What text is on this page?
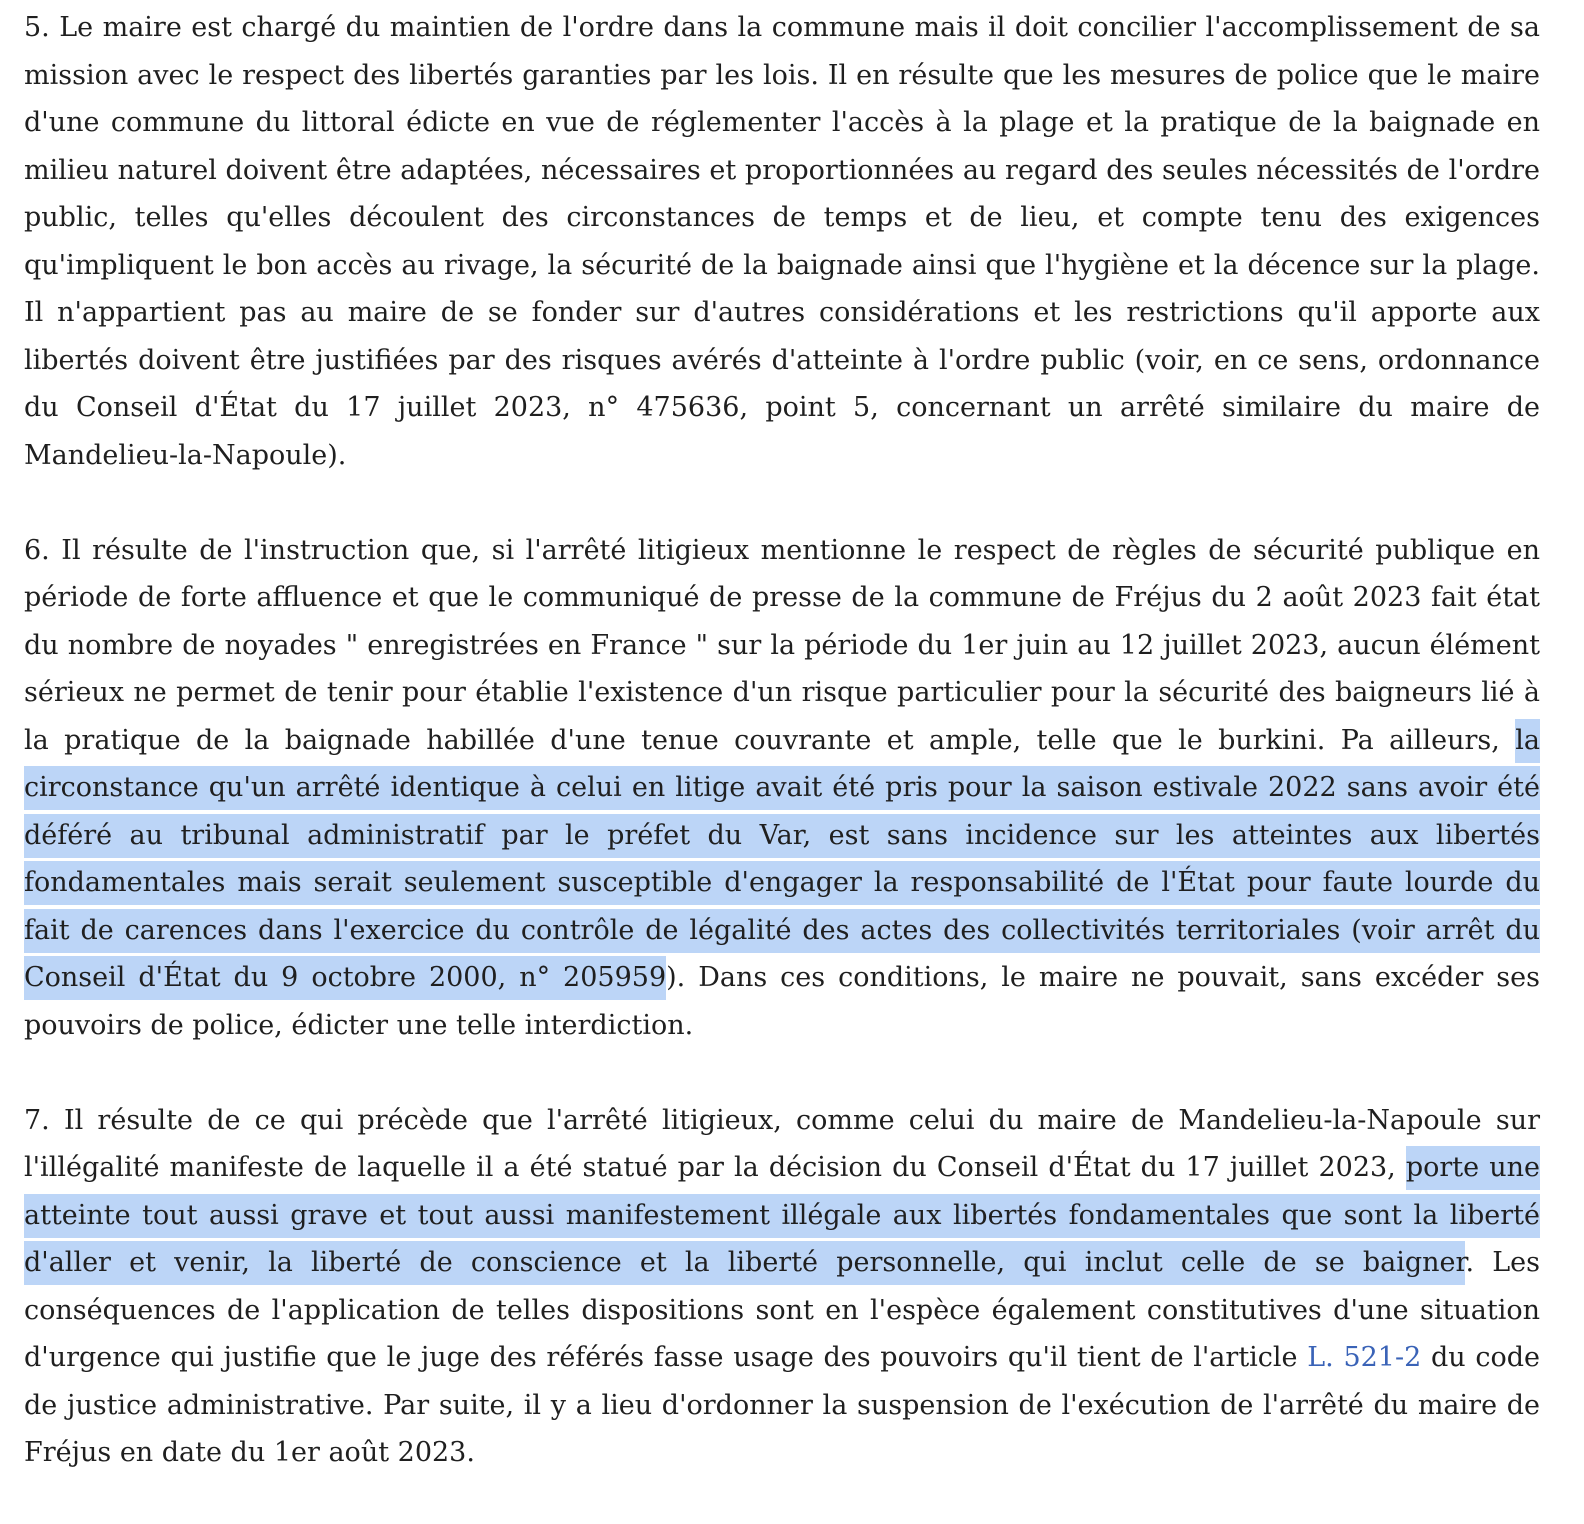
5. Le maire est chargé du maintien de l'ordre dans la commune mais il doit concilier l'accomplissement de sa mission avec le respect des libertés garanties par les lois. Il en résulte que les mesures de police que le maire d'une commune du littoral édicte en vue de réglementer l'accès à la plage et la pratique de la baignade en milieu naturel doivent être adaptées, nécessaires et proportionnées au regard des seules nécessités de l'ordre public, telles qu'elles découlent des circonstances de temps et de lieu, et compte tenu des exigences qu'impliquent le bon accès au rivage, la sécurité de la baignade ainsi que l'hygiène et la décence sur la plage. Il n'appartient pas au maire de se fonder sur d'autres considérations et les restrictions qu'il apporte aux libertés doivent être justifiées par des risques avérés d'atteinte à l'ordre public (voir, en ce sens, ordonnance du Conseil d'État du 17 juillet 2023, n° 475636, point 5, concernant un arrêté similaire du maire de Mandelieu-la-Napoule).

6. Il résulte de l'instruction que, si l'arrêté litigieux mentionne le respect de règles de sécurité publique en période de forte affluence et que le communiqué de presse de la commune de Fréjus du 2 août 2023 fait état du nombre de noyades " enregistrées en France " sur la période du 1er juin au 12 juillet 2023, aucun élément sérieux ne permet de tenir pour établie l'existence d'un risque particulier pour la sécurité des baigneurs lié à la pratique de la baignade habillée d'une tenue couvrante et ample, telle que le burkini. Pa ailleurs, la circonstance qu'un arrêté identique à celui en litige avait été pris pour la saison estivale 2022 sans avoir été déféré au tribunal administratif par le préfet du Var, est sans incidence sur les atteintes aux libertés fondamentales mais serait seulement susceptible d'engager la responsabilité de l'État pour faute lourde du fait de carences dans l'exercice du contrôle de légalité des actes des collectivités territoriales (voir arrêt du Conseil d'État du 9 octobre 2000, n° 205959). Dans ces conditions, le maire ne pouvait, sans excéder ses pouvoirs de police, édicter une telle interdiction.

7. Il résulte de ce qui précède que l'arrêté litigieux, comme celui du maire de Mandelieu-la-Napoule sur l'illégalité manifeste de laquelle il a été statué par la décision du Conseil d'État du 17 juillet 2023, porte une atteinte tout aussi grave et tout aussi manifestement illégale aux libertés fondamentales que sont la liberté d'aller et venir, la liberté de conscience et la liberté personnelle, qui inclut celle de se baigner. Les conséquences de l'application de telles dispositions sont en l'espèce également constitutives d'une situation d'urgence qui justifie que le juge des référés fasse usage des pouvoirs qu'il tient de l'article L. 521-2 du code de justice administrative. Par suite, il y a lieu d'ordonner la suspension de l'exécution de l'arrêté du maire de Fréjus en date du 1er août 2023.
